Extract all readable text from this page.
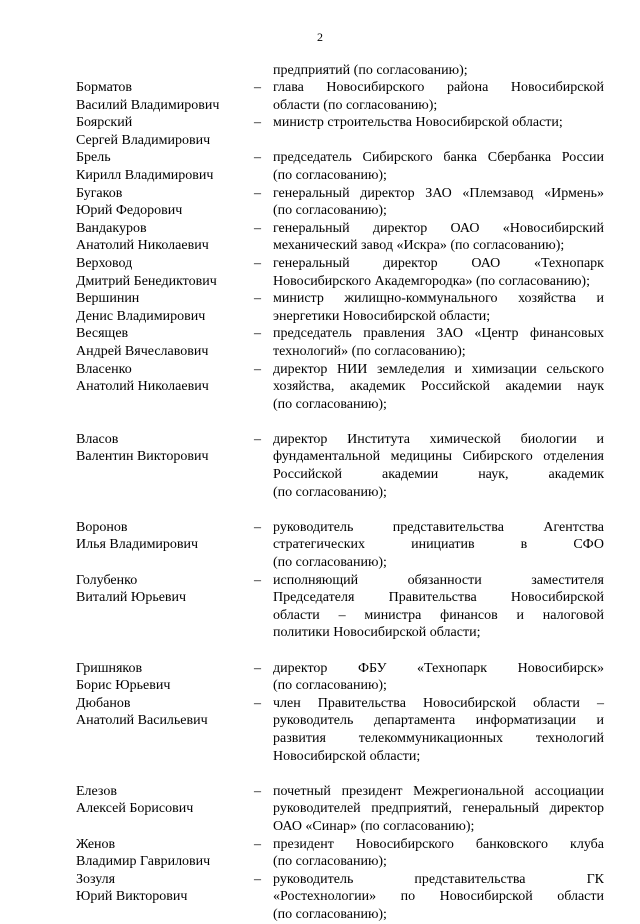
2
предприятий (по согласованию);
Борматов
Василий Владимирович
– глава Новосибирского района Новосибирской
области (по согласованию);
Боярский
Сергей Владимирович
– министр строительства Новосибирской области;
Брель
Кирилл Владимирович
– председатель Сибирского банка Сбербанка России
(по согласованию);
Бугаков
Юрий Федорович
– генеральный директор ЗАО «Племзавод «Ирмень»
(по согласованию);
Вандакуров
Анатолий Николаевич
– генеральный директор ОАО «Новосибирский
механический завод «Искра» (по согласованию);
Верховод
Дмитрий Бенедиктович
– генеральный директор ОАО «Технопарк
Новосибирского Академгородка» (по согласованию);
Вершинин
Денис Владимирович
– министр жилищно-коммунального хозяйства и
энергетики Новосибирской области;
Весящев
Андрей Вячеславович
– председатель правления ЗАО «Центр финансовых
технологий» (по согласованию);
Власенко
Анатолий Николаевич
– директор НИИ земледелия и химизации сельского
хозяйства, академик Российской академии наук
(по согласованию);
Власов
Валентин Викторович
– директор Института химической биологии и
фундаментальной медицины Сибирского отделения
Российской академии наук, академик
(по согласованию);
Воронов
Илья Владимирович
– руководитель представительства Агентства
стратегических инициатив в СФО
(по согласованию);
Голубенко
Виталий Юрьевич
– исполняющий обязанности заместителя
Председателя Правительства Новосибирской
области – министра финансов и налоговой
политики Новосибирской области;
Гришняков
Борис Юрьевич
– директор ФБУ «Технопарк Новосибирск»
(по согласованию);
Дюбанов
Анатолий Васильевич
– член Правительства Новосибирской области –
руководитель департамента информатизации и
развития телекоммуникационных технологий
Новосибирской области;
Елезов
Алексей Борисович
– почетный президент Межрегиональной ассоциации
руководителей предприятий, генеральный директор
ОАО «Синар» (по согласованию);
Женов
Владимир Гаврилович
– президент Новосибирского банковского клуба
(по согласованию);
Зозуля
Юрий Викторович
– руководитель представительства ГК
«Ростехнологии» по Новосибирской области
(по согласованию);
